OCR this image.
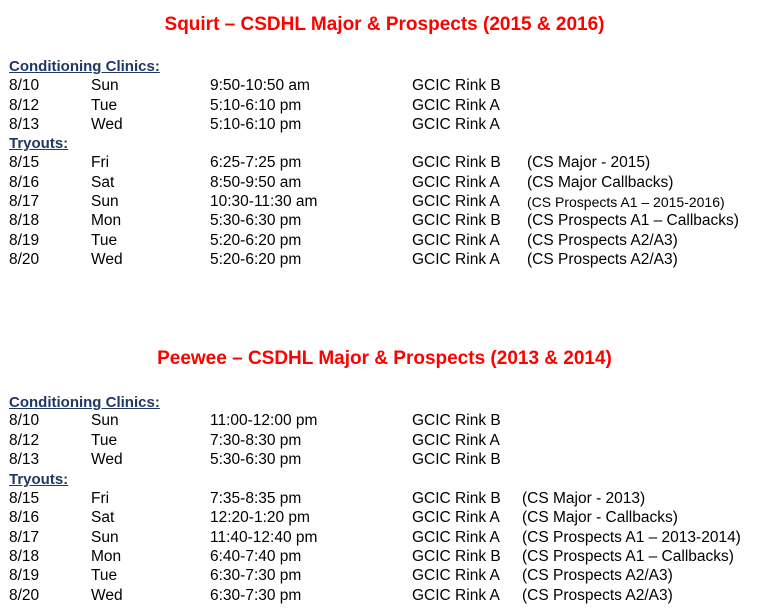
Squirt – CSDHL Major & Prospects (2015 & 2016)
Conditioning Clinics:
8/10	Sun	9:50-10:50 am	GCIC Rink B
8/12	Tue	5:10-6:10 pm	GCIC Rink A
8/13	Wed	5:10-6:10 pm	GCIC Rink A
Tryouts:
8/15	Fri	6:25-7:25 pm	GCIC Rink B (CS Major - 2015)
8/16	Sat	8:50-9:50 am	GCIC Rink A (CS Major Callbacks)
8/17	Sun	10:30-11:30 am	GCIC Rink A (CS Prospects A1 – 2015-2016)
8/18	Mon	5:30-6:30 pm	GCIC Rink B (CS Prospects A1 – Callbacks)
8/19	Tue	5:20-6:20 pm	GCIC Rink A (CS Prospects A2/A3)
8/20	Wed	5:20-6:20 pm	GCIC Rink A (CS Prospects A2/A3)
Peewee – CSDHL Major & Prospects (2013 & 2014)
Conditioning Clinics:
8/10	Sun	11:00-12:00 pm	GCIC Rink B
8/12	Tue	7:30-8:30 pm	GCIC Rink A
8/13	Wed	5:30-6:30 pm	GCIC Rink B
Tryouts:
8/15	Fri	7:35-8:35 pm	GCIC Rink B (CS Major - 2013)
8/16	Sat	12:20-1:20 pm	GCIC Rink A (CS Major - Callbacks)
8/17	Sun	11:40-12:40 pm	GCIC Rink A (CS Prospects A1 – 2013-2014)
8/18	Mon	6:40-7:40 pm	GCIC Rink B (CS Prospects A1 – Callbacks)
8/19	Tue	6:30-7:30 pm	GCIC Rink A (CS Prospects A2/A3)
8/20	Wed	6:30-7:30 pm	GCIC Rink A (CS Prospects A2/A3)
